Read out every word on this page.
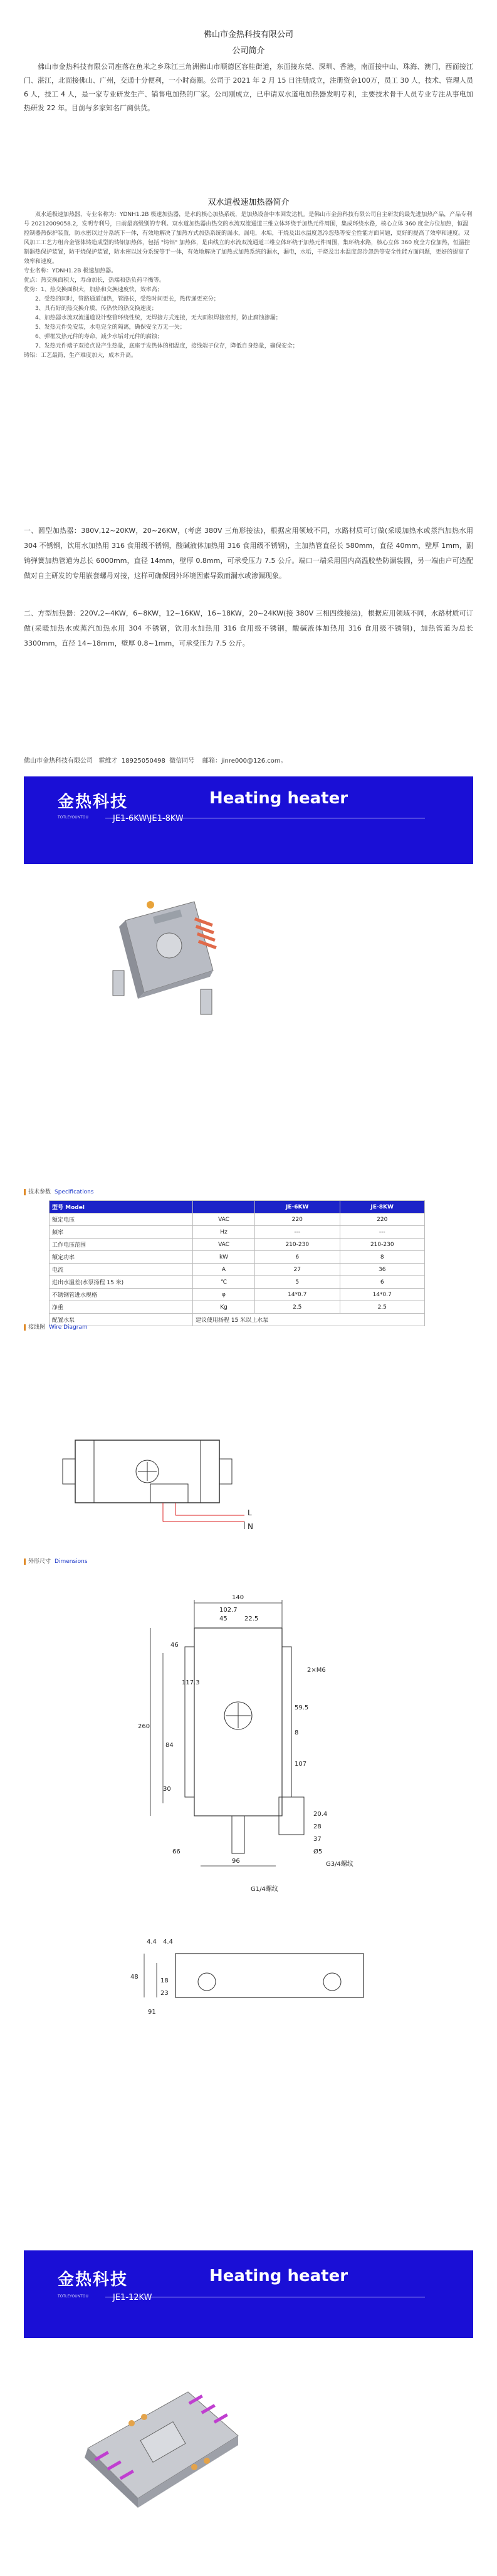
佛山市金热科技有限公司
公司简介
佛山市金热科技有限公司座落在鱼米之乡珠江三角洲佛山市顺德区容桂街道，东面接东莞、深圳、香港，南面接中山、珠海、澳门，西面接江门、湛江，北面接佛山、广州，交通十分便利，一小时商圈。公司于 2021 年 2 月 15 日注册成立，注册资金100万，员工 30 人，技术、管理人员 6 人，技工 4 人，是一家专业研发生产、销售电加热的厂家。公司刚成立，已申请双水道电加热器发明专利，主要技术骨干人员专业专注从事电加热研发 22 年。目前与多家知名厂商供货。
双水道极速加热器简介
双水道极速加热器，专业名称为：YDNH1.2B 极速加热器，是水的核心加热系统，是加热设备中本回发达机。是佛山市金热科技有限公司自主研发的最先进加热产品，产品专利号 20212009058.2，发明专利号，日前最高级别的专利。双水道加热器由热交的水流双流通道三维立体环绕于加热元件周围，集成环绕水路，核心立体 360 度全方位加热，恒温控制器热保护装置，防水密以过分系统下一体，有效地解决了加热方式加热系统的漏水，漏电，水垢，干烧及出水温度忽冷忽热等安全性能方面问题，更好的提高了效率和速度。双风加工工艺方组合金管体铸造成型的铸铝加热体，包括 "铸铝" 加热体，是由线立的水流双流通道三维立体环绕于加热元件周围，集环绕水路，核心立体 360 度全方位加热，恒温控制器热保护装置，防干烧保护装置，防水密以过分系统等于一体，有效地解决了加热式加热系统的漏水，漏电，水垢，干烧及出水温度忽冷忽热等安全性能方面问题，更好的提高了效率和速度。
专业名称：YDNH1.2B 极速加热器。
优点：热交换面积大，寿命加长，热端和热负荷平衡等。
优势：1、热交换面积大，加热和交换速度快，效率高；
2、受热的同时，管路通道加热，管路长，受热时间更长，热传递更充分；
3、具有好的热交换介质，传热快的热交换速度；
4、加热器水流双流通道设计整管环绕性统，无焊接方式连接，无大面积焊接密封，防止腐蚀渗漏；
5、发热元件免安装，水电完全的隔离，确保安全万无一失；
6、弹框发热元件的寿命，减少水垢对元件的腐蚀；
7、发热元件端子双接点设产生热量，底座于发热体的相温度，接线端子位存，降低自身热量，确保安全；
铸铝：工艺最简，生产难度加大，成本升高。
一、圆型加热器：380V,12~20KW，20~26KW，(考虑 380V 三角形接法)，根据应用领域不同，水路材质可订做(采暖加热水或蒸汽加热水用 304 不锈钢，饮用水加热用 316 食用级不锈钢，酸碱液体加热用 316 食用级不锈钢)，主加热管直径长 580mm，直径 40mm，壁厚 1mm，副铸弹簧加热管道为总长 6000mm，直径 14mm，壁厚 0.8mm，可承受压力 7.5 公斤。端口一端采用国内高温胶垫防漏装圆，另一端由户可选配做对自主研发的专用嵌套螺母对接，这样可确保因外环境因素导致而漏水或渗漏现象。
二、方型加热器：220V,2~4KW，6~8KW，12~16KW，16~18KW，20~24KW(接 380V 三相四线接法)，根据应用领域不同，水路材质可订做(采暖加热水或蒸汽加热水用 304 不锈钢，饮用水加热用 316 食用级不锈钢，酸碱液体加热用 316 食用级不锈钢)，加热管道为总长 3300mm，直径 14~18mm，壁厚 0.8~1mm，可承受压力 7.5 公斤。
佛山市金热科技有限公司 霍维才 18925050498 微信同号 邮箱：jinre000@126.com。
金热科技	Heating heater
TOTLEYOUNTOU	JE1-6KW\JE1-8KW
技术参数 Specifications
型号 Model		JE-6KW	JE-8KW
额定电压	VAC	220	220
频率	Hz	---	---
工作电压范围	VAC	210-230	210-230
额定功率	kW	6	8
电流	A	27	36
进出水温差(水泵扬程 15 米)	℃	5	6
不锈钢管进水规格	φ	14*0.7	14*0.7
净重	Kg	2.5	2.5
配置水泵	建议使用扬程 15 米以上水泵		
接线图 Wire Diagram
L
N
外形尺寸 Dimensions
140
102.7
45	22.5
46
117.3
84
59.5
260
8
96
107
66
20.4
28
37
2×M6
G1/4螺纹
G3/4螺纹
30
Ø5
4.4 4.4
48
18
23
91
金热科技	Heating heater
TOTLEYOUNTOU	JE1-12KW
